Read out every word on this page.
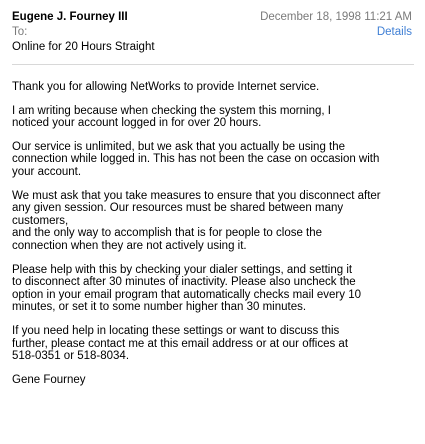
Eugene J. Fourney III	December 18, 1998 11:21 AM
To:	Details
Online for 20 Hours Straight

Thank you for allowing NetWorks to provide Internet service.

I am writing because when checking the system this morning, I
noticed your account logged in for over 20 hours.

Our service is unlimited, but we ask that you actually be using the
connection while logged in. This has not been the case on occasion with
your account.

We must ask that you take measures to ensure that you disconnect after
any given session. Our resources must be shared between many
customers,
and the only way to accomplish that is for people to close the
connection when they are not actively using it.

Please help with this by checking your dialer settings, and setting it
to disconnect after 30 minutes of inactivity. Please also uncheck the
option in your email program that automatically checks mail every 10
minutes, or set it to some number higher than 30 minutes.

If you need help in locating these settings or want to discuss this
further, please contact me at this email address or at our offices at
518-0351 or 518-8034.

Gene Fourney
